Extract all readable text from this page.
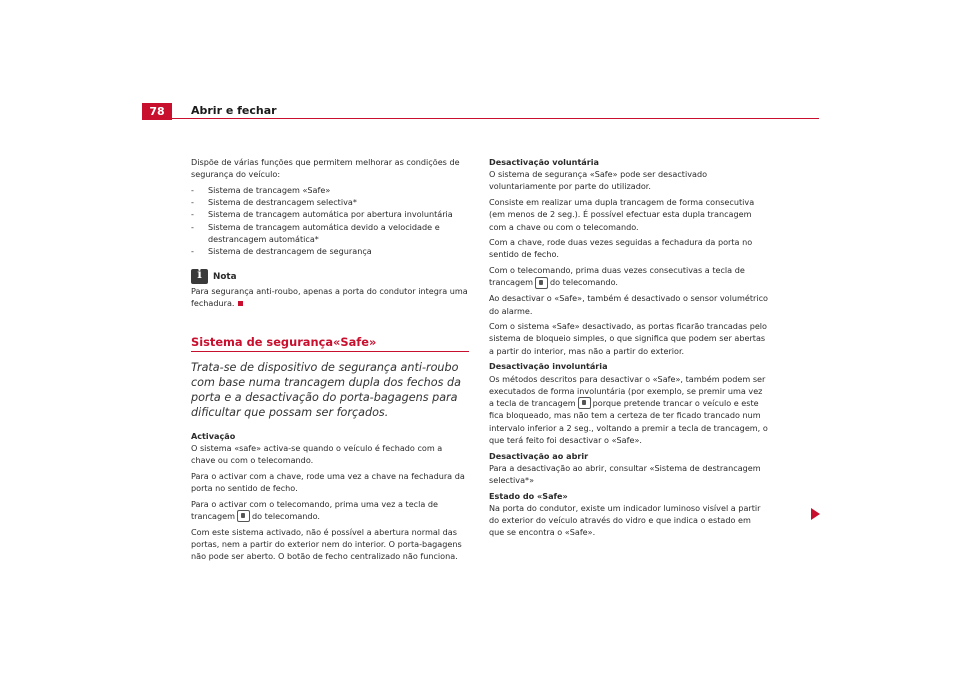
78	Abrir e fechar

Dispõe de várias funções que permitem melhorar as condições de segurança do veículo:

- Sistema de trancagem «Safe»
- Sistema de destrancagem selectiva*
- Sistema de trancagem automática por abertura involuntária
- Sistema de trancagem automática devido a velocidade e destrancagem automática*
- Sistema de destrancagem de segurança
i
Nota

Para segurança anti-roubo, apenas a porta do condutor integra uma fechadura.

Sistema de segurança«Safe»
Trata-se de dispositivo de segurança anti-roubo com base numa trancagem dupla dos fechos da porta e a desactivação do porta-bagagens para dificultar que possam ser forçados.

Activação

O sistema «safe» activa-se quando o veículo é fechado com a chave ou com o telecomando.

Para o activar com a chave, rode uma vez a chave na fechadura da porta no sentido de fecho.

Para o activar com o telecomando, prima uma vez a tecla de trancagem do telecomando.

Com este sistema activado, não é possível a abertura normal das portas, nem a partir do exterior nem do interior. O porta-bagagens não pode ser aberto. O botão de fecho centralizado não funciona.

Desactivação voluntária

O sistema de segurança «Safe» pode ser desactivado voluntariamente por parte do utilizador.

Consiste em realizar uma dupla trancagem de forma consecutiva (em menos de 2 seg.). É possível efectuar esta dupla trancagem com a chave ou com o telecomando.

Com a chave, rode duas vezes seguidas a fechadura da porta no sentido de fecho.

Com o telecomando, prima duas vezes consecutivas a tecla de trancagem do telecomando.

Ao desactivar o «Safe», também é desactivado o sensor volumétrico do alarme.

Com o sistema «Safe» desactivado, as portas ficarão trancadas pelo sistema de bloqueio simples, o que significa que podem ser abertas a partir do interior, mas não a partir do exterior.

Desactivação involuntária

Os métodos descritos para desactivar o «Safe», também podem ser executados de forma involuntária (por exemplo, se premir uma vez a tecla de trancagem porque pretende trancar o veículo e este fica bloqueado, mas não tem a certeza de ter ficado trancado num intervalo inferior a 2 seg., voltando a premir a tecla de trancagem, o que terá feito foi desactivar o «Safe».

Desactivação ao abrir

Para a desactivação ao abrir, consultar «Sistema de destrancagem selectiva*»

Estado do «Safe»

Na porta do condutor, existe um indicador luminoso visível a partir do exterior do veículo através do vidro e que indica o estado em que se encontra o «Safe».
